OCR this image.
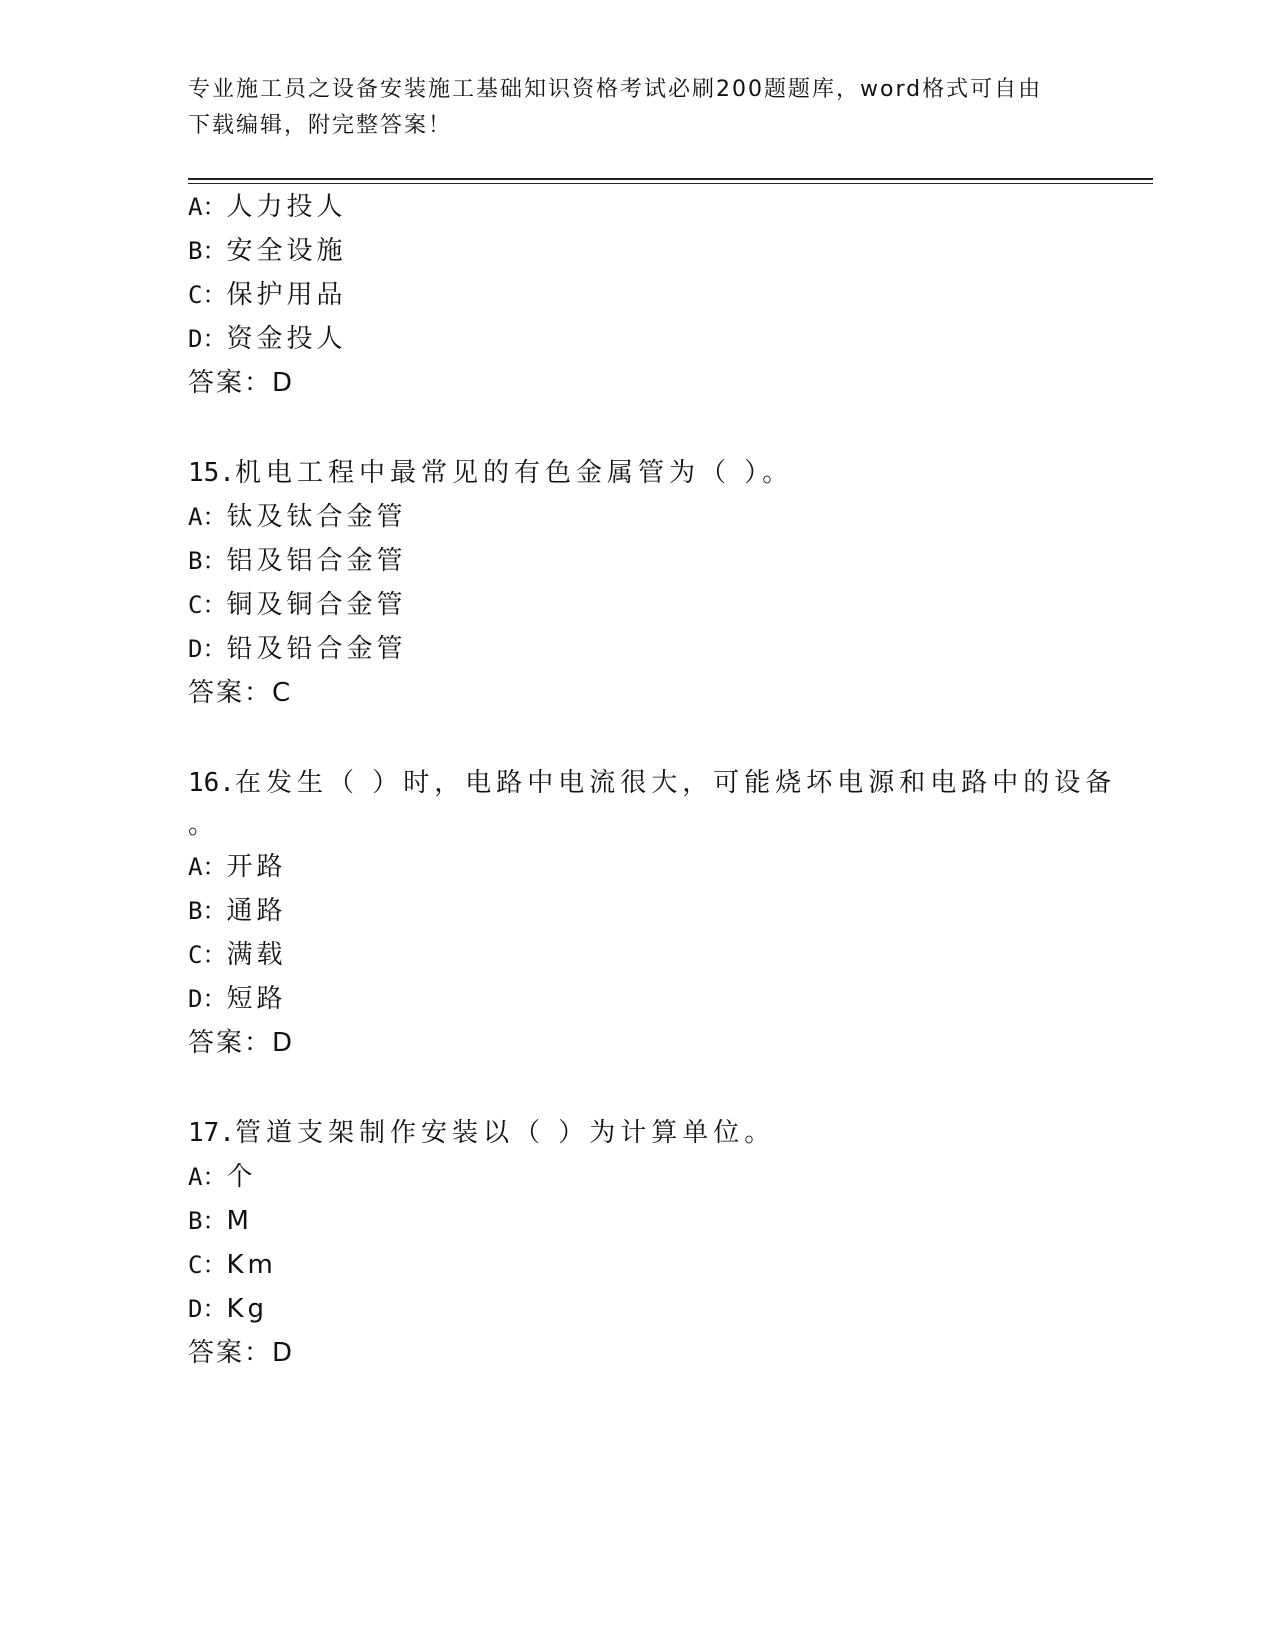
专业施工员之设备安装施工基础知识资格考试必刷200题题库，word格式可自由
下载编辑，附完整答案！
A：人力投人
B：安全设施
C：保护用品
D：资金投人
答案：D
15.机电工程中最常见的有色金属管为（ ）。
A：钛及钛合金管
B：铝及铝合金管
C：铜及铜合金管
D：铅及铅合金管
答案：C
16.在发生（ ）时，电路中电流很大，可能烧坏电源和电路中的设备
。
A：开路
B：通路
C：满载
D：短路
答案：D
17.管道支架制作安装以（ ）为计算单位。
A：个
B：M
C：Km
D：Kg
答案：D
